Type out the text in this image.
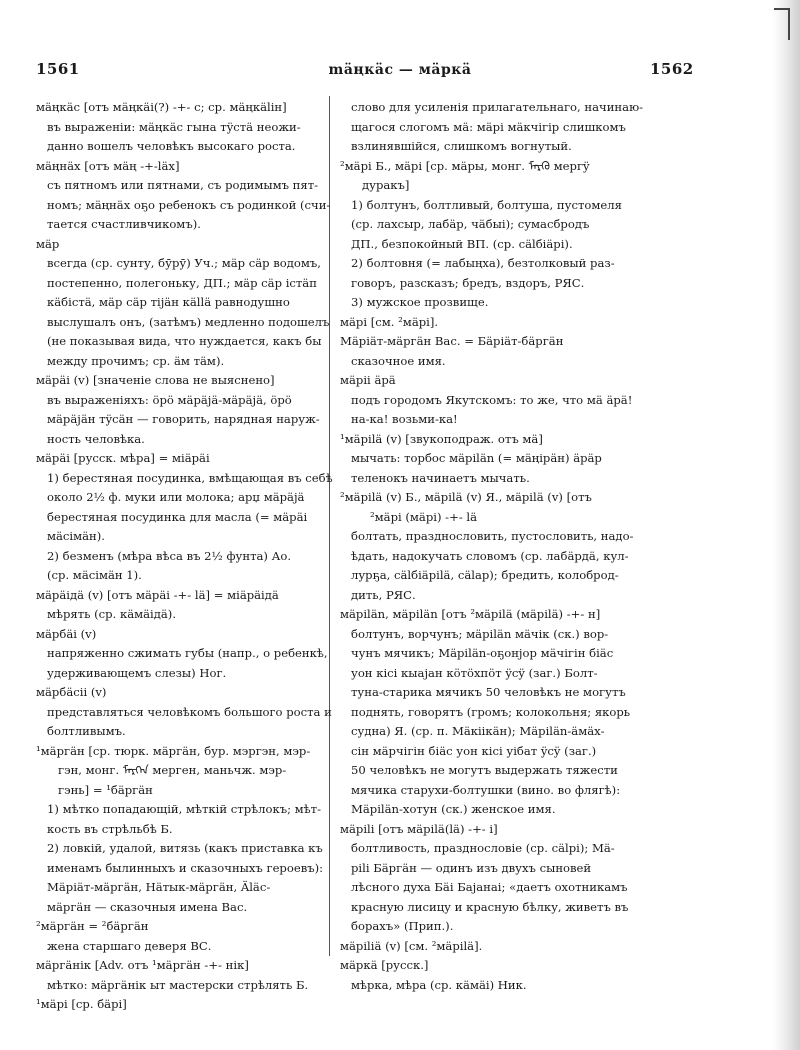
1561	mäңкäс — мäркä	1562
мäңкäс [отъ мäңкäi(?) -+- с; ср. мäңкäliн]
въ выраженiи: мäңкäс гына тÿстä неожи-
данно вошелъ человѣкъ высокаго роста.
мäңнäх [отъ мäң -+-läх]
съ пятномъ или пятнами, съ родимымъ пят-
номъ; мäңнäх оҕо ребенокъ съ родинкой (счи-
тается счастливчикомъ).
мäр
всегда (ср. сунту, бӯрӯ) Уч.; мäр сäр водомъ,
постепенно, полегоньку, ДП.; мäр сäр істäп
кäбiстä, мäр сäр тiјäн кällä равнодушно
выслушалъ онъ, (затѣмъ) медленно подошелъ
(не показывая вида, что нуждается, какъ бы
между прочимъ; ср. äм тäм).
мäрäi (v) [значенiе слова не выяснено]
въ выраженiяхъ: öрö мäрäјä-мäрäјä, öрö
мäрäјäн тÿсäн — говорить, нарядная наруж-
ность человѣка.
мäрäi [русск. мѣра] = мiäрäi
1) берестяная посудинка, вмѣщающая въ себѣ
около 2½ ф. муки или молока; арџ мäрäjä
берестяная посудинка для масла (= мäрäi
мäсiмäн).
2) безменъ (мѣра вѣса въ 2½ фунта) Ао.
(ср. мäсiмäн 1).
мäрäiдä (v) [отъ мäрäi -+- lä] = мiäрäiдä
мѣрять (ср. кäмäiдä).
мäрбäi (v)
напряженно сжимать губы (напр., о ребенкѣ,
удерживающемъ слезы) Ног.
мäрбäсii (v)
представляться человѣкомъ большого роста и
болтливымъ.
¹мäргäн [ср. тюрк. мäргäн, бур. мэргэн, мэр-
гэн, монг. ᠮᠡᠷᠭᠡᠨ мерген, маньчж. мэр-
гэнь] = ¹бäргäн
1) мѣтко попадающiй, мѣткiй стрѣлокъ; мѣт-
кость въ стрѣльбѣ Б.
2) ловкiй, удалой, витязь (какъ приставка къ
именамъ былинныхъ и сказочныхъ героевъ):
Мäрiäт-мäргäн, Нäтык-мäргäн, Äläс-
мäргäн — сказочныя имена Вас.
²мäргäн = ²бäргäн
жена старшаго деверя ВС.
мäргäнiк [Adv. отъ ¹мäргäн -+- нiк]
мѣтко: мäргäнiк ыт мастерски стрѣлять Б.
¹мäрi [ср. бäрi]
слово для усиленiя прилагательнаго, начинаю-
щагося слогомъ мä: мäрi мäкчiгiр слишкомъ
взлинявшiйся, слишкомъ вогнутый.
²мäрi Б., мäрi [ср. мäры, монг. ᠮᠡᠷᠭᠦ мергÿ
дуракъ]
1) болтунъ, болтливый, болтуша, пустомеля
(ср. лахсыр, лабäр, чäбыi); сумасбродъ
ДП., безпокойный ВП. (ср. сälбiäрi).
2) болтовня (= лабыңха), безтолковый раз-
говоръ, разсказъ; бредъ, вздоръ, РЯС.
3) мужское прозвище.
мäрi [см. ²мäрi].
Мäрiäт-мäргäн Вас. = Бäрiäт-бäргäн
сказочное имя.
мäрii äрä
подъ городомъ Якутскомъ: то же, что мä äрä!
на-ка! возьми-ка!
¹мäрilä (v) [звукоподраж. отъ мä]
мычать: торбос мäрilän (= мäңiрäн) äрäр
теленокъ начинаетъ мычать.
²мäрilä (v) Б., мäрilä (v) Я., мäрilä (v) [отъ
²мäрi (мäрi) -+- lä
болтать, празднословить, пустословить, надо-
ѣдать, надокучать словомъ (ср. лабäрдä, кул-
лурҕа, сälбiäрilä, сälар); бредить, колоброд-
дить, РЯС.
мäрilän, мäрilän [отъ ²мäрilä (мäрilä) -+- н]
болтунъ, ворчунъ; мäрilän мäчiк (ск.) вор-
чунъ мячикъ; Мäрilän-оҕонјор мäчiгiн бiäс
уон кiсi кыајан кöтöхпöт ÿсÿ (заг.) Болт-
туна-старика мячикъ 50 человѣкъ не могутъ
поднять, говорятъ (громъ; колокольня; якорь
судна) Я. (ср. п. Мäкiiкäн); Мäрilän-äмäх-
сiн мäрчiгiн бiäс уон кiсi уiбат ÿсÿ (заг.)
50 человѣкъ не могутъ выдержать тяжести
мячика старухи-болтушки (вино. во флягѣ):
Мäрilän-хотун (ск.) женское имя.
мäрilі [отъ мäрilä(lä) -+- i]
болтливость, празднословiе (ср. сälрi); Мä-
рilі Бäргäн — одинъ изъ двухъ сыновей
лѣсного духа Бäi Бајанаi; «даетъ охотникамъ
красную лисицу и красную бѣлку, живетъ въ
борахъ» (Прип.).
мäрiliä (v) [см. ²мäрilä].
мäркä [русск.]
мѣрка, мѣра (ср. кäмäi) Ник.
